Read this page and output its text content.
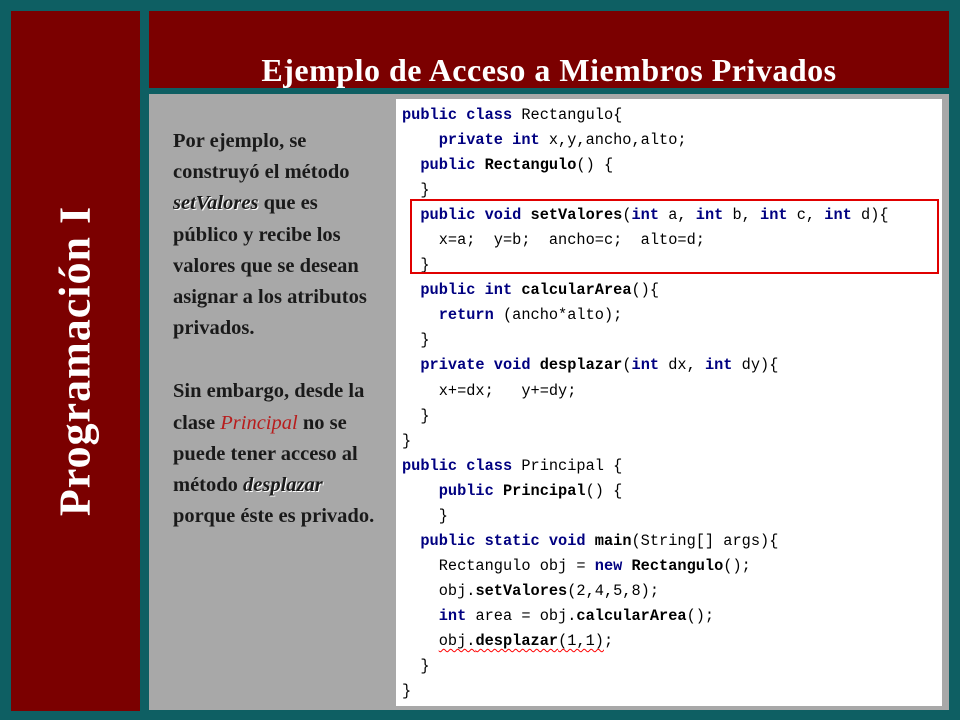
Programación I
Ejemplo de Acceso a Miembros Privados

Por ejemplo, se construyó el método setValores que es público y recibe los valores que se desean asignar a los atributos privados.

Sin embargo, desde la clase Principal no se puede tener acceso al método desplazar porque éste es privado.

public class Rectangulo{
private int x,y,ancho,alto;
public Rectangulo() {
}
public void setValores(int a, int b, int c, int d){
x=a;  y=b;  ancho=c;  alto=d;
}
public int calcularArea(){
return (ancho*alto);
}
private void desplazar(int dx, int dy){
x+=dx;   y+=dy;
}
}
public class Principal {
public Principal() {
}
public static void main(String[] args){
Rectangulo obj = new Rectangulo();
obj.setValores(2,4,5,8);
int area = obj.calcularArea();
obj.desplazar(1,1);
}
}
